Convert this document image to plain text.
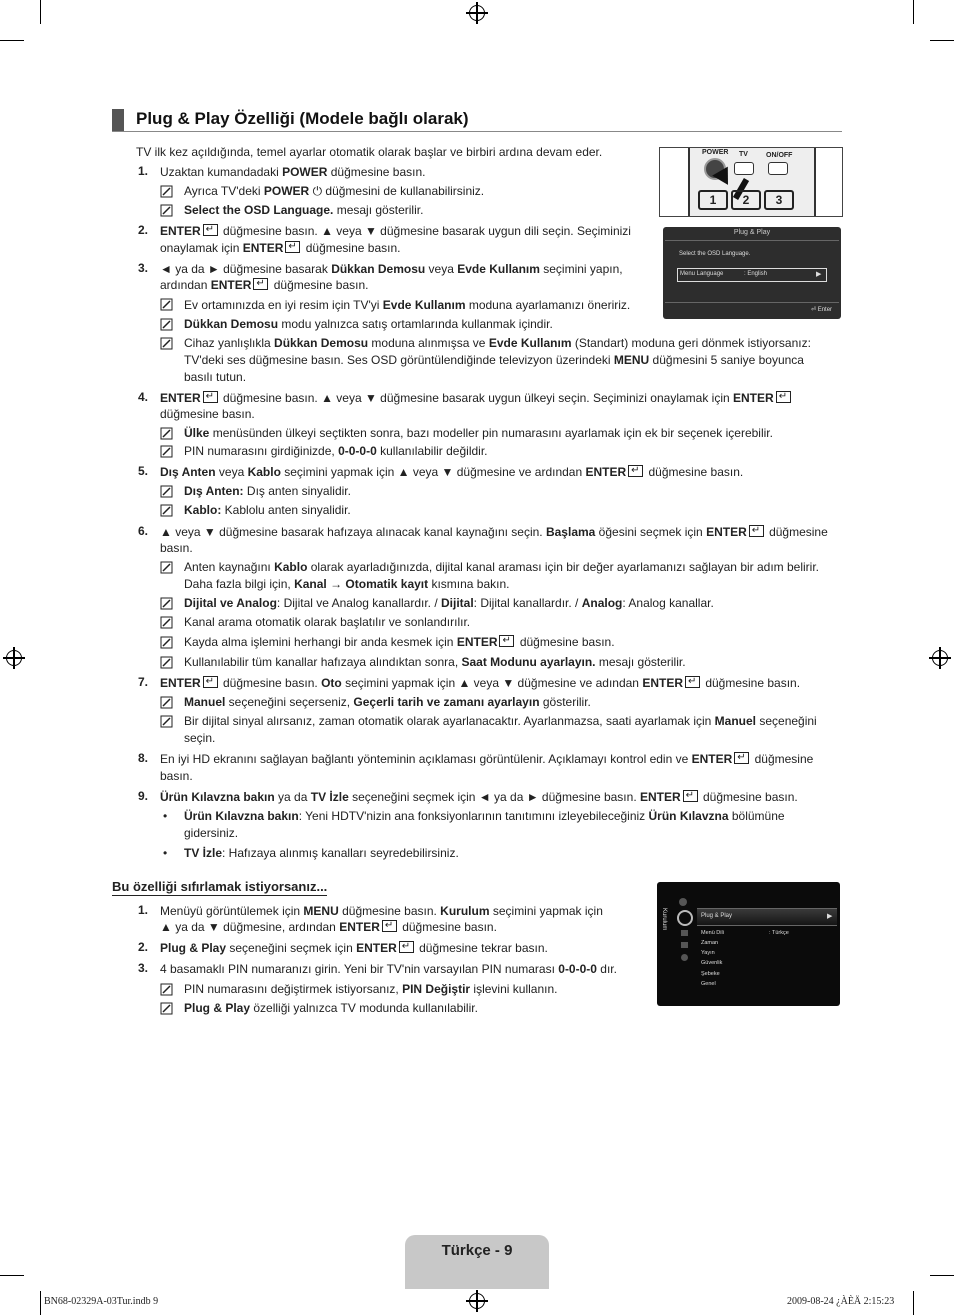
Plug & Play Özelliği (Modele bağlı olarak)
TV ilk kez açıldığında, temel ayarlar otomatik olarak başlar ve birbiri ardına devam eder.	POWER TV	ON/OFF
1	2	3
Plug & Play
Select the OSD Language.
Menu Language	: English	▶
⏎ Enter
1. Uzaktan kumandadaki POWER düğmesine basın.
Ayrıca TV'deki POWER ⏻ düğmesini de kullanabilirsiniz.
Select the OSD Language. mesajı gösterilir.
2. ENTER↵ düğmesine basın. ▲ veya ▼ düğmesine basarak uygun dili seçin. Seçiminizi
onaylamak için ENTER↵ düğmesine basın.
3. ◄ ya da ► düğmesine basarak Dükkan Demosu veya Evde Kullanım seçimini yapın,
ardından ENTER↵ düğmesine basın.
Ev ortamınızda en iyi resim için TV'yi Evde Kullanım moduna ayarlamanızı öneririz.
Dükkan Demosu modu yalnızca satış ortamlarında kullanmak içindir.
Cihaz yanlışlıkla Dükkan Demosu moduna alınmışsa ve Evde Kullanım (Standart) moduna geri dönmek istiyorsanız:
TV'deki ses düğmesine basın. Ses OSD görüntülendiğinde televizyon üzerindeki MENU düğmesini 5 saniye boyunca
basılı tutun.
4. ENTER↵ düğmesine basın. ▲ veya ▼ düğmesine basarak uygun ülkeyi seçin. Seçiminizi onaylamak için ENTER↵
düğmesine basın.
Ülke menüsünden ülkeyi seçtikten sonra, bazı modeller pin numarasını ayarlamak için ek bir seçenek içerebilir.
PIN numarasını girdiğinizde, 0-0-0-0 kullanılabilir değildir.
5. Dış Anten veya Kablo seçimini yapmak için ▲ veya ▼ düğmesine ve ardından ENTER↵ düğmesine basın.
Dış Anten: Dış anten sinyalidir.
Kablo: Kablolu anten sinyalidir.
6. ▲ veya ▼ düğmesine basarak hafızaya alınacak kanal kaynağını seçin. Başlama öğesini seçmek için ENTER↵ düğmesine
basın.
Anten kaynağını Kablo olarak ayarladığınızda, dijital kanal araması için bir değer ayarlamanızı sağlayan bir adım belirir.
Daha fazla bilgi için, Kanal → Otomatik kayıt kısmına bakın.
Dijital ve Analog: Dijital ve Analog kanallardır. / Dijital: Dijital kanallardır. / Analog: Analog kanallar.
Kanal arama otomatik olarak başlatılır ve sonlandırılır.
Kayda alma işlemini herhangi bir anda kesmek için ENTER↵ düğmesine basın.
Kullanılabilir tüm kanallar hafızaya alındıktan sonra, Saat Modunu ayarlayın. mesajı gösterilir.
7. ENTER↵ düğmesine basın. Oto seçimini yapmak için ▲ veya ▼ düğmesine ve adından ENTER↵ düğmesine basın.
Manuel seçeneğini seçerseniz, Geçerli tarih ve zamanı ayarlayın gösterilir.
Bir dijital sinyal alırsanız, zaman otomatik olarak ayarlanacaktır. Ayarlanmazsa, saati ayarlamak için Manuel seçeneğini
seçin.
8. En iyi HD ekranını sağlayan bağlantı yönteminin açıklaması görüntülenir. Açıklamayı kontrol edin ve ENTER↵ düğmesine
basın.
9. Ürün Kılavzna bakın ya da TV İzle seçeneğini seçmek için ◄ ya da ► düğmesine basın. ENTER↵ düğmesine basın.
• Ürün Kılavzna bakın: Yeni HDTV'nizin ana fonksiyonlarının tanıtımını izleyebileceğiniz Ürün Kılavzna bölümüne
gidersiniz.
• TV İzle: Hafızaya alınmış kanalları seyredebilirsiniz.
Bu özelliği sıfırlamak istiyorsanız...
1. Menüyü görüntülemek için MENU düğmesine basın. Kurulum seçimini yapmak için
▲ ya da ▼ düğmesine, ardından ENTER↵ düğmesine basın.
2. Plug & Play seçeneğini seçmek için ENTER↵ düğmesine tekrar basın.
3. 4 basamaklı PIN numaranızı girin. Yeni bir TV'nin varsayılan PIN numarası 0-0-0-0 dır.
PIN numarasını değiştirmek istiyorsanız, PIN Değiştir işlevini kullanın.
Plug & Play özelliği yalnızca TV modunda kullanılabilir.
Kurulum	Plug & Play	▶
Menü Dili	: Türkçe
Zaman
Yayın
Güvenlik
Şebeke
Genel
Türkçe - 9
BN68-02329A-03Tur.indb 9	2009-08-24 ¿ÀÈÄ 2:15:23
